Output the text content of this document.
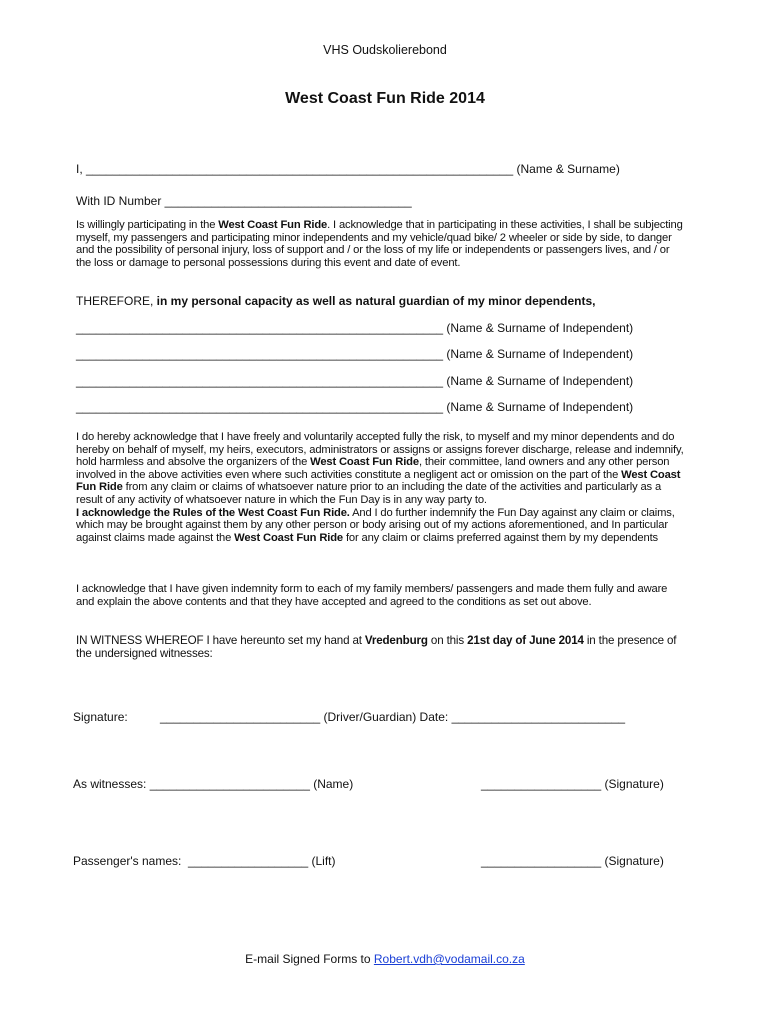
VHS Oudskolierebond
West Coast Fun Ride 2014
I, ________________________________________________________________ (Name & Surname)
With ID Number _____________________________________
Is willingly participating in the West Coast Fun Ride. I acknowledge that in participating in these activities, I shall be subjecting myself, my passengers and participating minor independents and my vehicle/quad bike/ 2 wheeler or side by side, to danger and the possibility of personal injury, loss of support and / or the loss of my life or independents or passengers lives, and / or the loss or damage to personal possessions during this event and date of event.
THEREFORE, in my personal capacity as well as natural guardian of my minor dependents,
_______________________________________________________ (Name & Surname of Independent)
_______________________________________________________ (Name & Surname of Independent)
_______________________________________________________ (Name & Surname of Independent)
_______________________________________________________ (Name & Surname of Independent)
I do hereby acknowledge that I have freely and voluntarily accepted fully the risk, to myself and my minor dependents and do hereby on behalf of myself, my heirs, executors, administrators or assigns or assigns forever discharge, release and indemnify, hold harmless and absolve the organizers of the West Coast Fun Ride, their committee, land owners and any other person involved in the above activities even where such activities constitute a negligent act or omission on the part of the West Coast Fun Ride from any claim or claims of whatsoever nature prior to an including the date of the activities and particularly as a result of any activity of whatsoever nature in which the Fun Day is in any way party to.
I acknowledge the Rules of the West Coast Fun Ride. And I do further indemnify the Fun Day against any claim or claims, which may be brought against them by any other person or body arising out of my actions aforementioned, and In particular against claims made against the West Coast Fun Ride for any claim or claims preferred against them by my dependents
I acknowledge that I have given indemnity form to each of my family members/ passengers and made them fully and aware and explain the above contents and that they have accepted and agreed to the conditions as set out above.
IN WITNESS WHEREOF I have hereunto set my hand at Vredenburg on this 21st day of June 2014 in the presence of the undersigned witnesses:
Signature:	________________________ (Driver/Guardian) Date: __________________________
As witnesses: ________________________ (Name)	__________________ (Signature)
Passenger's names: __________________ (Lift)	__________________ (Signature)
E-mail Signed Forms to Robert.vdh@vodamail.co.za
